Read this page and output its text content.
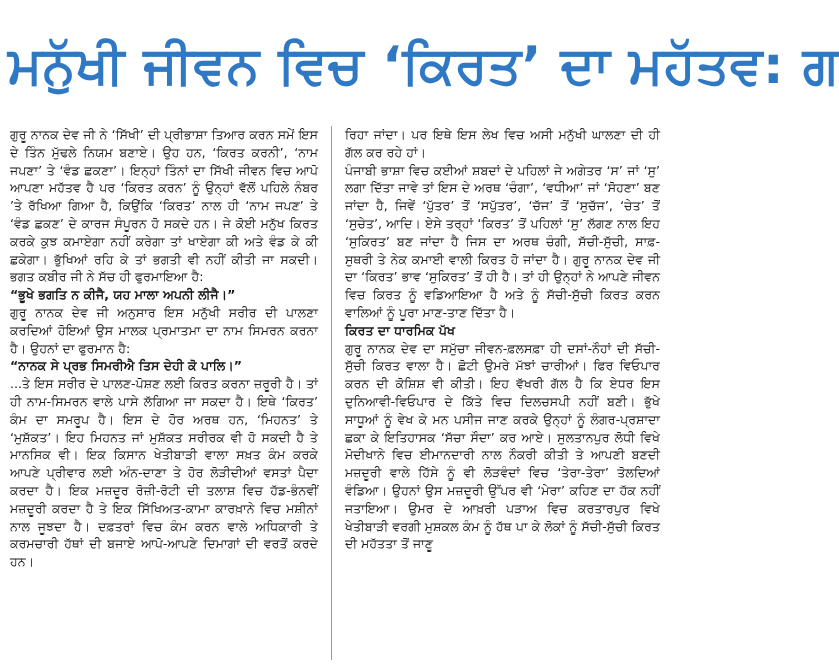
ਮਨੁੱਖੀ ਜੀਵਨ ਵਿਚ ‘ਕਿਰਤ’ ਦਾ ਮਹੱਤਵ: ਗ

ਗੁਰੂ ਨਾਨਕ ਦੇਵ ਜੀ ਨੇ ‘ਸਿੱਖੀ’ ਦੀ ਪ੍ਰੀਭਾਸ਼ਾ ਤਿਆਰ ਕਰਨ ਸਮੇਂ ਇਸ ਦੇ ਤਿੰਨ ਮੁੱਢਲੇ ਨਿਯਮ ਬਣਾਏ। ਉਹ ਹਨ, ‘ਕਿਰਤ ਕਰਨੀ’, ‘ਨਾਮ ਜਪਣਾ’ ਤੇ ‘ਵੰਡ ਛਕਣਾ’। ਇਨ੍ਹਾਂ ਤਿੰਨਾਂ ਦਾ ਸਿੱਖੀ ਜੀਵਨ ਵਿਚ ਆਪੋ ਆਪਣਾ ਮਹੱਤਵ ਹੈ ਪਰ ‘ਕਿਰਤ ਕਰਨ’ ਨੂੰ ਉਨ੍ਹਾਂ ਵੱਲੋਂ ਪਹਿਲੇ ਨੰਬਰ ’ਤੇ ਰੱਖਿਆ ਗਿਆ ਹੈ, ਕਿਉਂਕਿ ‘ਕਿਰਤ’ ਨਾਲ ਹੀ ‘ਨਾਮ ਜਪਣ’ ਤੇ ‘ਵੰਡ ਛਕਣ’ ਦੇ ਕਾਰਜ ਸੰਪੂਰਨ ਹੋ ਸਕਦੇ ਹਨ। ਜੇ ਕੋਈ ਮਨੁੱਖ ਕਿਰਤ ਕਰਕੇ ਕੁਝ ਕਮਾਏਗਾ ਨਹੀਂ ਕਰੇਗਾ ਤਾਂ ਖਾਏਗਾ ਕੀ ਅਤੇ ਵੰਡ ਕੇ ਕੀ ਛਕੇਗਾ। ਭੁੱਖਿਆਂ ਰਹਿ ਕੇ ਤਾਂ ਭਗਤੀ ਵੀ ਨਹੀਂ ਕੀਤੀ ਜਾ ਸਕਦੀ। ਭਗਤ ਕਬੀਰ ਜੀ ਨੇ ਸੱਚ ਹੀ ਫੁਰਮਾਇਆ ਹੈ:

“ਭੂਖੇ ਭਗਤਿ ਨ ਕੀਜੈ, ਯਹ ਮਾਲਾ ਅਪਨੀ ਲੀਜੈ।”

ਗੁਰੂ ਨਾਨਕ ਦੇਵ ਜੀ ਅਨੁਸਾਰ ਇਸ ਮਨੁੱਖੀ ਸਰੀਰ ਦੀ ਪਾਲਣਾ ਕਰਦਿਆਂ ਹੋਇਆਂ ਉਸ ਮਾਲਕ ਪ੍ਰਮਾਤਮਾ ਦਾ ਨਾਮ ਸਿਮਰਨ ਕਰਨਾ ਹੈ। ਉਹਨਾਂ ਦਾ ਫੁਰਮਾਨ ਹੈ:

“ਨਾਨਕ ਸੇ ਪ੍ਰਭ ਸਿਮਰੀਐ ਤਿਸ ਦੇਹੀ ਕੋ ਪਾਲਿ।”

...ਤੇ ਇਸ ਸਰੀਰ ਦੇ ਪਾਲਣ-ਪੋਸ਼ਣ ਲਈ ਕਿਰਤ ਕਰਨਾ ਜ਼ਰੂਰੀ ਹੈ। ਤਾਂ ਹੀ ਨਾਮ-ਸਿਮਰਨ ਵਾਲੇ ਪਾਸੇ ਲੱਗਿਆ ਜਾ ਸਕਦਾ ਹੈ। ਇਥੇ ‘ਕਿਰਤ’ ਕੰਮ ਦਾ ਸਮਰੂਪ ਹੈ। ਇਸ ਦੇ ਹੋਰ ਅਰਥ ਹਨ, ‘ਮਿਹਨਤ’ ਤੇ ‘ਮੁਸ਼ੱਕਤ’। ਇਹ ਮਿਹਨਤ ਜਾਂ ਮੁਸ਼ੱਕਤ ਸਰੀਰਕ ਵੀ ਹੋ ਸਕਦੀ ਹੈ ਤੇ ਮਾਨਸਿਕ ਵੀ। ਇਕ ਕਿਸਾਨ ਖੇਤੀਬਾੜੀ ਵਾਲਾ ਸਖ਼ਤ ਕੰਮ ਕਰਕੇ ਆਪਣੇ ਪ੍ਰੀਵਾਰ ਲਈ ਅੰਨ-ਦਾਣਾ ਤੇ ਹੋਰ ਲੋੜੀਦੀਆਂ ਵਸਤਾਂ ਪੈਦਾ ਕਰਦਾ ਹੈ। ਇਕ ਮਜ਼ਦੂਰ ਰੋਜ਼ੀ-ਰੋਟੀ ਦੀ ਤਲਾਸ਼ ਵਿਚ ਹੱਡ-ਭੰਨਵੀਂ ਮਜ਼ਦੂਰੀ ਕਰਦਾ ਹੈ ਤੇ ਇਕ ਸਿੱਖਿਅਤ-ਕਾਮਾ ਕਾਰਖ਼ਾਨੇ ਵਿਚ ਮਸ਼ੀਨਾਂ ਨਾਲ ਜੂਝਦਾ ਹੈ। ਦਫ਼ਤਰਾਂ ਵਿਚ ਕੰਮ ਕਰਨ ਵਾਲੇ ਅਧਿਕਾਰੀ ਤੇ ਕਰਮਚਾਰੀ ਹੱਥਾਂ ਦੀ ਬਜਾਏ ਆਪੋ-ਆਪਣੇ ਦਿਮਾਗਾਂ ਦੀ ਵਰਤੋਂ ਕਰਦੇ ਹਨ।

ਰਿਹਾ ਜਾਂਦਾ। ਪਰ ਇਥੇ ਇਸ ਲੇਖ ਵਿਚ ਅਸੀ ਮਨੁੱਖੀ ਘਾਲਣਾ ਦੀ ਹੀ ਗੱਲ ਕਰ ਰਹੇ ਹਾਂ।

ਪੰਜਾਬੀ ਭਾਸ਼ਾ ਵਿਚ ਕਈਆਂ ਸ਼ਬਦਾਂ ਦੇ ਪਹਿਲਾਂ ਜੇ ਅਗੇਤਰ ‘ਸ’ ਜਾਂ ‘ਸੁ’ ਲਗਾ ਦਿੱਤਾ ਜਾਵੇ ਤਾਂ ਇਸ ਦੇ ਅਰਥ ‘ਚੰਗਾ’, ‘ਵਧੀਆ’ ਜਾਂ ‘ਸੋਹਣਾ’ ਬਣ ਜਾਂਦਾ ਹੈ, ਜਿਵੇਂ ‘ਪੁੱਤਰ’ ਤੋਂ ‘ਸਪੁੱਤਰ’, ‘ਚੱਜ’ ਤੋਂ ‘ਸੁਚੱਜ’, ‘ਚੇਤ’ ਤੋਂ ‘ਸੁਚੇਤ’, ਆਦਿ। ਏਸੇ ਤਰ੍ਹਾਂ ‘ਕਿਰਤ’ ਤੋਂ ਪਹਿਲਾਂ ‘ਸੁ’ ਲੱਗਣ ਨਾਲ ਇਹ ‘ਸੁਕਿਰਤ’ ਬਣ ਜਾਂਦਾ ਹੈ ਜਿਸ ਦਾ ਅਰਥ ਚੰਗੀ, ਸੱਚੀ-ਸੁੱਚੀ, ਸਾਫ਼-ਸੁਥਰੀ ਤੇ ਨੇਕ ਕਮਾਈ ਵਾਲੀ ਕਿਰਤ ਹੋ ਜਾਂਦਾ ਹੈ। ਗੁਰੂ ਨਾਨਕ ਦੇਵ ਜੀ ਦਾ ‘ਕਿਰਤ’ ਭਾਵ ‘ਸੁਕਿਰਤ’ ਤੋਂ ਹੀ ਹੈ। ਤਾਂ ਹੀ ਉਨ੍ਹਾਂ ਨੇ ਆਪਣੇ ਜੀਵਨ ਵਿਚ ਕਿਰਤ ਨੂੰ ਵਡਿਆਇਆ ਹੈ ਅਤੇ ਨੂੰ ਸੱਚੀ-ਸੁੱਚੀ ਕਿਰਤ ਕਰਨ ਵਾਲਿਆਂ ਨੂੰ ਪੂਰਾ ਮਾਣ-ਤਾਣ ਦਿੱਤਾ ਹੈ।

ਕਿਰਤ ਦਾ ਧਾਰਮਿਕ ਪੱਖ

ਗੁਰੂ ਨਾਨਕ ਦੇਵ ਦਾ ਸਮੁੱਚਾ ਜੀਵਨ-ਫ਼ਲਸਫ਼ਾ ਹੀ ਦਸਾਂ-ਨੌਹਾਂ ਦੀ ਸੱਚੀ-ਸੁੱਚੀ ਕਿਰਤ ਵਾਲਾ ਹੈ। ਛੋਟੀ ਉਮਰੇ ਮੱਝਾਂ ਚਾਰੀਆਂ। ਫਿਰ ਵਿਓਪਾਰ ਕਰਨ ਦੀ ਕੋਸ਼ਿਸ਼ ਵੀ ਕੀਤੀ। ਇਹ ਵੱਖਰੀ ਗੱਲ ਹੈ ਕਿ ਏਧਰ ਇਸ ਦੁਨਿਆਵੀ-ਵਿਓਪਾਰ ਦੇ ਕਿੱਤੇ ਵਿਚ ਦਿਲਚਸਪੀ ਨਹੀਂ ਬਣੀ। ਭੁੱਖੇ ਸਾਧੂਆਂ ਨੂੰ ਵੇਖ ਕੇ ਮਨ ਪਸੀਜ ਜਾਣ ਕਰਕੇ ਉਨ੍ਹਾਂ ਨੂੰ ਲੰਗਰ-ਪ੍ਰਸ਼ਾਦਾ ਛਕਾ ਕੇ ਇਤਿਹਾਸਕ ‘ਸੱਚਾ ਸੌਦਾ’ ਕਰ ਆਏ। ਸੁਲਤਾਨਪੁਰ ਲੋਧੀ ਵਿਖੇ ਮੋਦੀਖਾਨੇ ਵਿਚ ਈਮਾਨਦਾਰੀ ਨਾਲ ਨੌਕਰੀ ਕੀਤੀ ਤੇ ਆਪਣੀ ਬਣਦੀ ਮਜ਼ਦੂਰੀ ਵਾਲੇ ਹਿੱਸੇ ਨੂੰ ਵੀ ਲੋੜਵੰਦਾਂ ਵਿਚ ‘ਤੇਰਾ-ਤੇਰਾ’ ਤੋਲਦਿਆਂ ਵੰਡਿਆ। ਉਹਨਾਂ ਉਸ ਮਜ਼ਦੂਰੀ ਉੱਪਰ ਵੀ ‘ਮੇਰਾ’ ਕਹਿਣ ਦਾ ਹੱਕ ਨਹੀਂ ਜਤਾਇਆ। ਉਮਰ ਦੇ ਆਖ਼ਰੀ ਪੜਾਅ ਵਿਚ ਕਰਤਾਰਪੁਰ ਵਿਖੇ ਖੇਤੀਬਾੜੀ ਵਰਗੀ ਮੁਸ਼ਕਲ ਕੰਮ ਨੂੰ ਹੱਥ ਪਾ ਕੇ ਲੋਕਾਂ ਨੂੰ ਸੱਚੀ-ਸੁੱਚੀ ਕਿਰਤ ਦੀ ਮਹੱਤਤਾ ਤੋਂ ਜਾਣੂ
